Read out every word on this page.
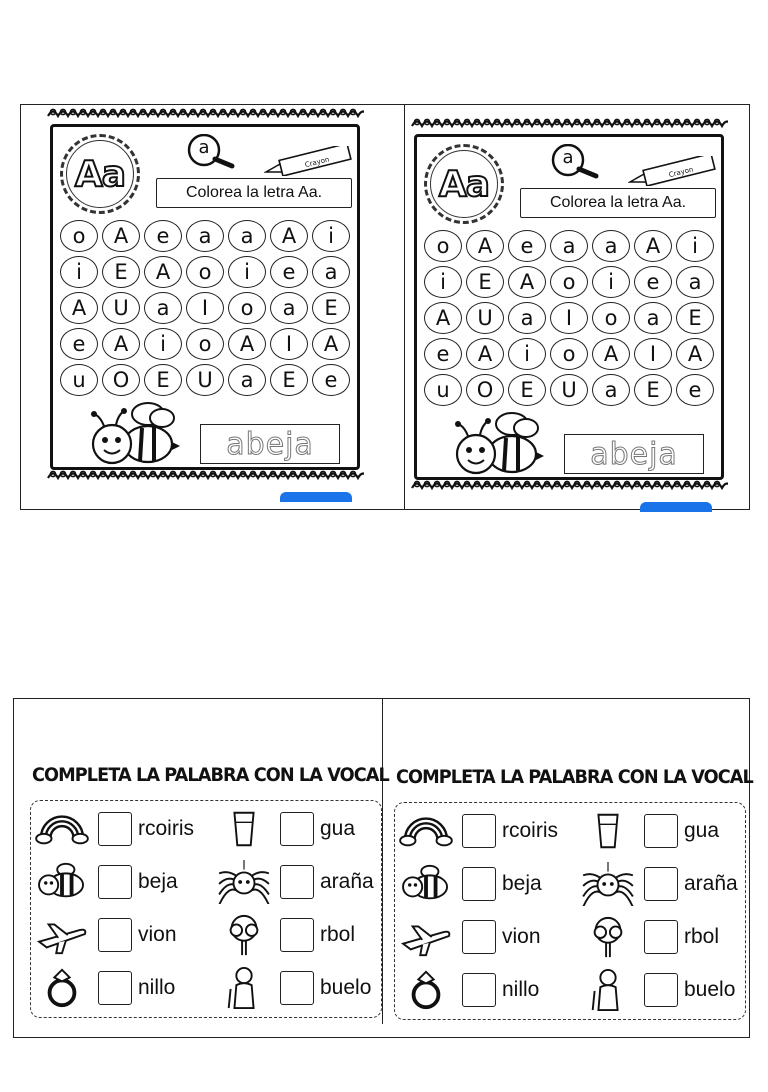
Aa
a
Crayon
Colorea la letra Aa.
o	A	e	a	a	A	i
i	E	A	o	i	e	a
A	U	a	I	o	a	E
e	A	i	o	A	I	A
u	O	E	U	a	E	e
abeja
Aa
a
Crayon
Colorea la letra Aa.
o	A	e	a	a	A	i
i	E	A	o	i	e	a
A	U	a	I	o	a	E
e	A	i	o	A	I	A
u	O	E	U	a	E	e
abeja
COMPLETA LA PALABRA CON LA VOCAL
rcoiris	gua
beja	araña
vion	rbol
nillo	buelo
COMPLETA LA PALABRA CON LA VOCAL
rcoiris	gua
beja	araña
vion	rbol
nillo	buelo
